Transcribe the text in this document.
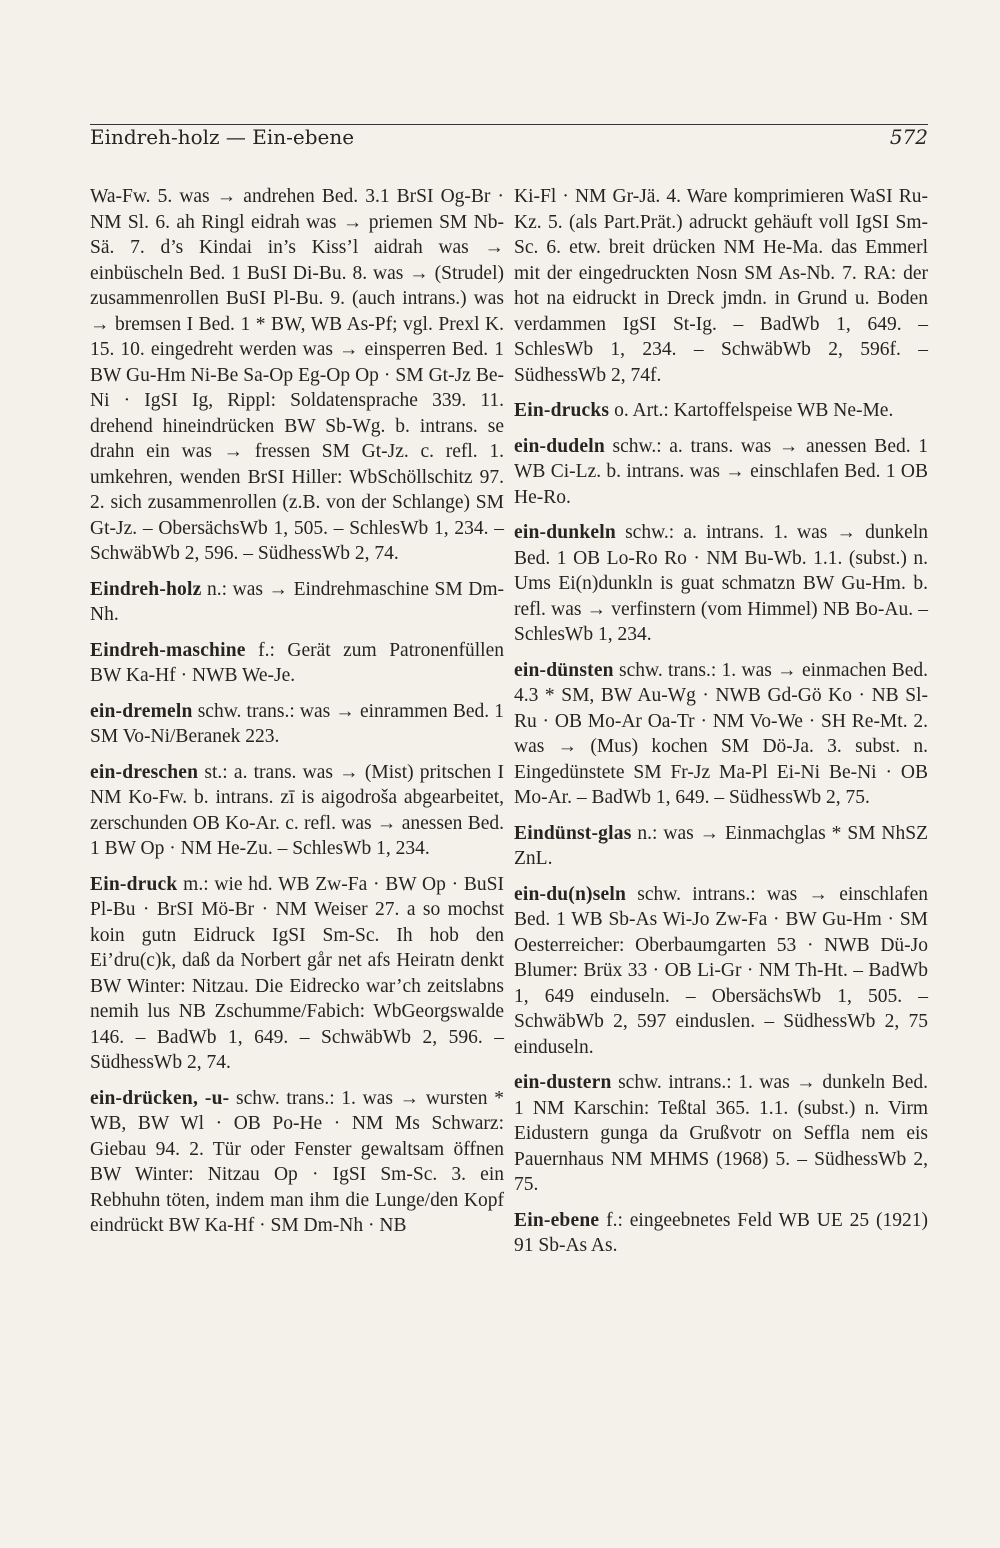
Eindreh-holz — Ein-ebene	572

Wa-Fw. 5. was → andrehen Bed. 3.1 BrSI Og-Br · NM Sl. 6. ah Ringl eidrah was → priemen SM Nb-Sä. 7. d’s Kindai in’s Kiss’l aidrah was → einbüscheln Bed. 1 BuSI Di-Bu. 8. was → (Strudel) zusammenrollen BuSI Pl-Bu. 9. (auch intrans.) was → bremsen I Bed. 1 * BW, WB As-Pf; vgl. Prexl K. 15. 10. eingedreht werden was → einsperren Bed. 1 BW Gu-Hm Ni-Be Sa-Op Eg-Op Op · SM Gt-Jz Be-Ni · IgSI Ig, Rippl: Soldatensprache 339. 11. drehend hineindrücken BW Sb-Wg. b. intrans. se drahn ein was → fressen SM Gt-Jz. c. refl. 1. umkehren, wenden BrSI Hiller: WbSchöllschitz 97. 2. sich zusammenrollen (z.B. von der Schlange) SM Gt-Jz. – ObersächsWb 1, 505. – SchlesWb 1, 234. – SchwäbWb 2, 596. – SüdhessWb 2, 74.

Eindreh-holz n.: was → Eindrehmaschine SM Dm-Nh.

Eindreh-maschine f.: Gerät zum Patronenfüllen BW Ka-Hf · NWB We-Je.

ein-dremeln schw. trans.: was → einrammen Bed. 1 SM Vo-Ni/Beranek 223.

ein-dreschen st.: a. trans. was → (Mist) pritschen I NM Ko-Fw. b. intrans. zī is aigodroša abgearbeitet, zerschunden OB Ko-Ar. c. refl. was → anessen Bed. 1 BW Op · NM He-Zu. – SchlesWb 1, 234.

Ein-druck m.: wie hd. WB Zw-Fa · BW Op · BuSI Pl-Bu · BrSI Mö-Br · NM Weiser 27. a so mochst koin gutn Eidruck IgSI Sm-Sc. Ih hob den Ei’dru(c)k, daß da Norbert går net afs Heiratn denkt BW Winter: Nitzau. Die Eidrecko war’ch zeitslabns nemih lus NB Zschumme/Fabich: WbGeorgswalde 146. – BadWb 1, 649. – SchwäbWb 2, 596. – SüdhessWb 2, 74.

ein-drücken, -u- schw. trans.: 1. was → wursten * WB, BW Wl · OB Po-He · NM Ms Schwarz: Giebau 94. 2. Tür oder Fenster gewaltsam öffnen BW Winter: Nitzau Op · IgSI Sm-Sc. 3. ein Rebhuhn töten, indem man ihm die Lunge/den Kopf eindrückt BW Ka-Hf · SM Dm-Nh · NB

Ki-Fl · NM Gr-Jä. 4. Ware komprimieren WaSI Ru-Kz. 5. (als Part.Prät.) adruckt gehäuft voll IgSI Sm-Sc. 6. etw. breit drücken NM He-Ma. das Emmerl mit der eingedruckten Nosn SM As-Nb. 7. RA: der hot na eidruckt in Dreck jmdn. in Grund u. Boden verdammen IgSI St-Ig. – BadWb 1, 649. – SchlesWb 1, 234. – SchwäbWb 2, 596f. – SüdhessWb 2, 74f.

Ein-drucks o. Art.: Kartoffelspeise WB Ne-Me.

ein-dudeln schw.: a. trans. was → anessen Bed. 1 WB Ci-Lz. b. intrans. was → einschlafen Bed. 1 OB He-Ro.

ein-dunkeln schw.: a. intrans. 1. was → dunkeln Bed. 1 OB Lo-Ro Ro · NM Bu-Wb. 1.1. (subst.) n. Ums Ei(n)dunkln is guat schmatzn BW Gu-Hm. b. refl. was → verfinstern (vom Himmel) NB Bo-Au. – SchlesWb 1, 234.

ein-dünsten schw. trans.: 1. was → einmachen Bed. 4.3 * SM, BW Au-Wg · NWB Gd-Gö Ko · NB Sl-Ru · OB Mo-Ar Oa-Tr · NM Vo-We · SH Re-Mt. 2. was → (Mus) kochen SM Dö-Ja. 3. subst. n. Eingedünstete SM Fr-Jz Ma-Pl Ei-Ni Be-Ni · OB Mo-Ar. – BadWb 1, 649. – SüdhessWb 2, 75.

Eindünst-glas n.: was → Einmachglas * SM NhSZ ZnL.

ein-du(n)seln schw. intrans.: was → einschlafen Bed. 1 WB Sb-As Wi-Jo Zw-Fa · BW Gu-Hm · SM Oesterreicher: Oberbaumgarten 53 · NWB Dü-Jo Blumer: Brüx 33 · OB Li-Gr · NM Th-Ht. – BadWb 1, 649 einduseln. – ObersächsWb 1, 505. – SchwäbWb 2, 597 einduslen. – SüdhessWb 2, 75 einduseln.

ein-dustern schw. intrans.: 1. was → dunkeln Bed. 1 NM Karschin: Teßtal 365. 1.1. (subst.) n. Virm Eidustern gunga da Grußvotr on Seffla nem eis Pauernhaus NM MHMS (1968) 5. – SüdhessWb 2, 75.

Ein-ebene f.: eingeebnetes Feld WB UE 25 (1921) 91 Sb-As As.
